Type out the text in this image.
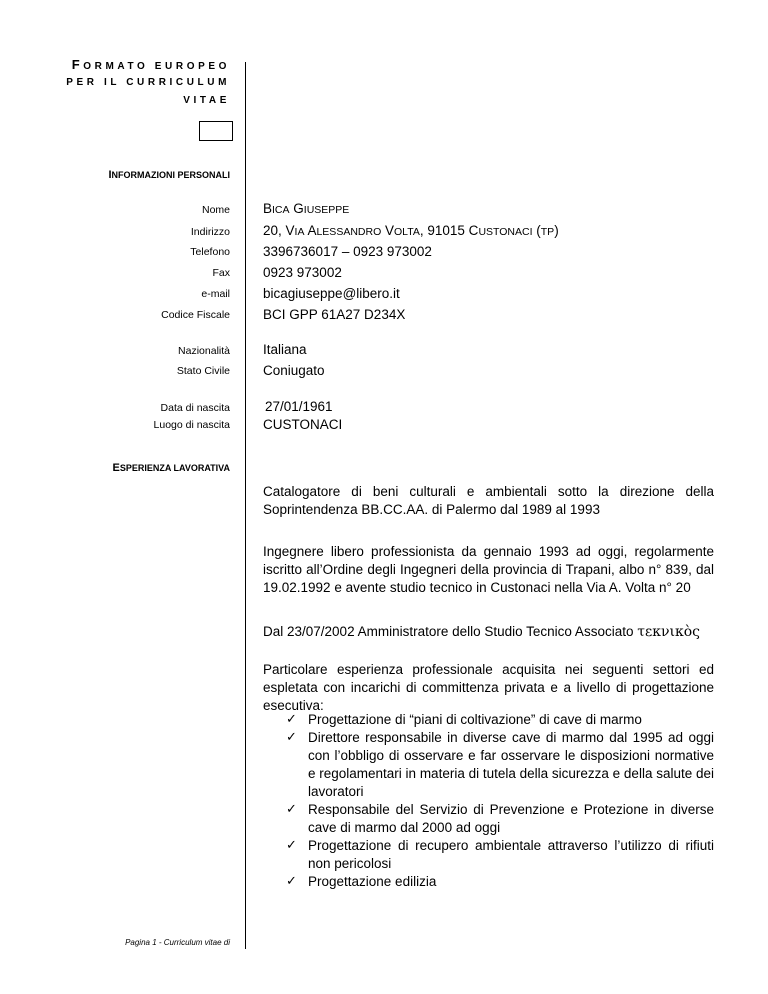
FORMATO EUROPEO
PER IL CURRICULUM
VITAE
INFORMAZIONI PERSONALI
Nome BICA GIUSEPPE
Indirizzo 20, VIA ALESSANDRO VOLTA, 91015 CUSTONACI (TP)
Telefono 3396736017 – 0923 973002
Fax 0923 973002
e-mail bicagiuseppe@libero.it
Codice Fiscale BCI GPP 61A27 D234X
Nazionalità Italiana
Stato Civile Coniugato
Data di nascita	27/01/1961
Luogo di nascita CUSTONACI
ESPERIENZA LAVORATIVA
Catalogatore di beni culturali e ambientali sotto la direzione della Soprintendenza BB.CC.AA. di Palermo dal 1989 al 1993
Ingegnere libero professionista da gennaio 1993 ad oggi, regolarmente iscritto all’Ordine degli Ingegneri della provincia di Trapani, albo n° 839, dal 19.02.1992 e avente studio tecnico in Custonaci nella Via A. Volta n° 20
Dal 23/07/2002 Amministratore dello Studio Tecnico Associato τεκνικὸς
Particolare esperienza professionale acquisita nei seguenti settori ed espletata con incarichi di committenza privata e a livello di progettazione esecutiva:
✓ Progettazione di “piani di coltivazione” di cave di marmo
✓ Direttore responsabile in diverse cave di marmo dal 1995 ad oggi con l’obbligo di osservare e far osservare le disposizioni normative e regolamentari in materia di tutela della sicurezza e della salute dei lavoratori
✓ Responsabile del Servizio di Prevenzione e Protezione in diverse cave di marmo dal 2000 ad oggi
✓ Progettazione di recupero ambientale attraverso l’utilizzo di rifiuti non pericolosi
✓ Progettazione edilizia
Pagina 1 - Curriculum vitae di
